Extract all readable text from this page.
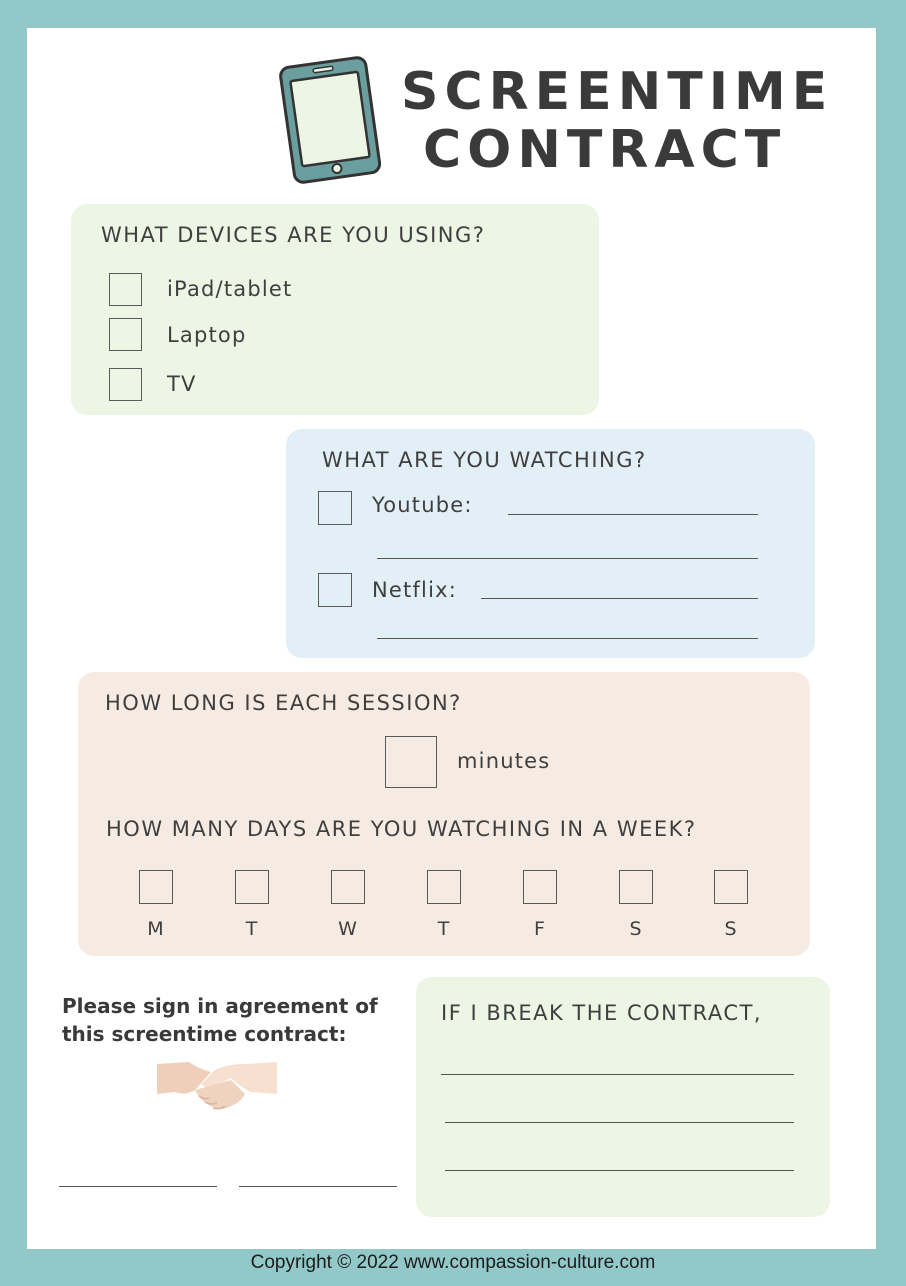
SCREENTIME
CONTRACT
WHAT DEVICES ARE YOU USING?
iPad/tablet
Laptop
TV
WHAT ARE YOU WATCHING?
Youtube:
Netflix:
HOW LONG IS EACH SESSION?
minutes
HOW MANY DAYS ARE YOU WATCHING IN A WEEK?
M	T	W	T	F	S	S
Please sign in agreement of this screentime contract:
IF I BREAK THE CONTRACT,
Copyright © 2022 www.compassion-culture.com
